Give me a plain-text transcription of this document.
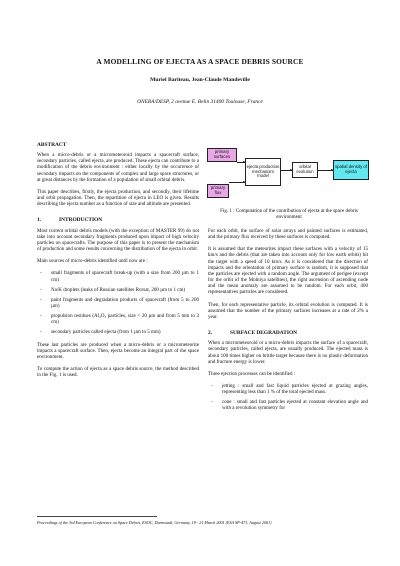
A MODELLING OF EJECTA AS A SPACE DEBRIS SOURCE
Muriel Bariteau, Jean-Claude Mandeville
ONERA/DESP, 2 avenue E. Belin 31400 Toulouse, France
ABSTRACT

When a micro-debris or a micrometeoroid impacts a spacecraft surface, secondary particles, called ejecta, are produced. These ejecta can contribute to a modification of the debris environment : either locally by the occurrence of secondary impacts on the components of complex and large space structures, or at great distances by the formation of a population of small orbital debris.

This paper describes, firstly, the ejecta production, and secondly, their lifetime and orbit propagation. Then, the repartition of ejecta in LEO is given. Results describing the ejecta number as a function of size and altitude are presented.

1.	INTRODUCTION

Most current orbital debris models (with the exception of MASTER 99) do not take into account secondary fragments produced upon impact of high velocity particles on spacecrafts. The purpose of this paper is to present the mechanism of production and some results concerning the distribution of the ejecta in orbit.

Main sources of micro-debris identified until now are :

- small fragments of spacecraft break-up (with a size from 200 µm to 1 cm)
- Na/K droplets (leaks of Russian satellites Rorsat, 200 µm to 1 cm)
- paint fragments and degradation products of spacecraft (from 5 to 200 µm)
- propulsion residues (Al₂O₃ particles, size < 20 µm and from 5 mm to 3 cm)
- secondary particles called ejecta (from 1 µm to 5 mm)

These last particles are produced when a micro-debris or a micrometeorite impacts a spacecraft surface. Then, ejecta become an integral part of the space environment.

To compute the action of ejecta as a space debris source, the method described in the Fig. 1 is used.

primary surfaces
primary flux
ejecta production mechanism model
orbital evolution
spatial density of ejecta
Fig. 1 : Computation of the contribution of ejecta at the space debris environment

For each orbit, the surface of solar arrays and painted surfaces is estimated, and the primary flux received by these surfaces is computed.

It is assumed that the meteorites impact these surfaces with a velocity of 15 km/s and the debris (that are taken into account only for low earth orbits) hit the target with a speed of 10 km/s. As it is considered that the direction of impacts and the orientation of primary surface is random, it is supposed that the particles are ejected with a random angle. The argument of perigee (except for the orbit of the Molniya satellites), the right ascension of ascending node and the mean anomaly are assumed to be random. For each orbit, 400 representatives particles are considered.

Then, for each representative particle, its orbital evolution is computed. It is assumed that the number of the primary surfaces increases at a rate of 2% a year.

2.	SURFACE DEGRADATION

When a micrometeoroid or a micro-debris impacts the surface of a spacecraft, secondary particles, called ejecta, are usually produced. The ejected mass is about 100 times higher on brittle target because there is no plastic deformation and fracture energy is lower.

Three ejection processes can be identified :

- jetting : small and fast liquid particles ejected at grazing angles, representing less than 1 % of the total ejected mass.
- cone : small and fast particles ejected at constant elevation angle and with a revolution symmetry for
Proceedings of the 3rd European Conference on Space Debris, ESOC, Darmstadt, Germany, 19 - 21 March 2001 (ESA SP-473, August 2001)
